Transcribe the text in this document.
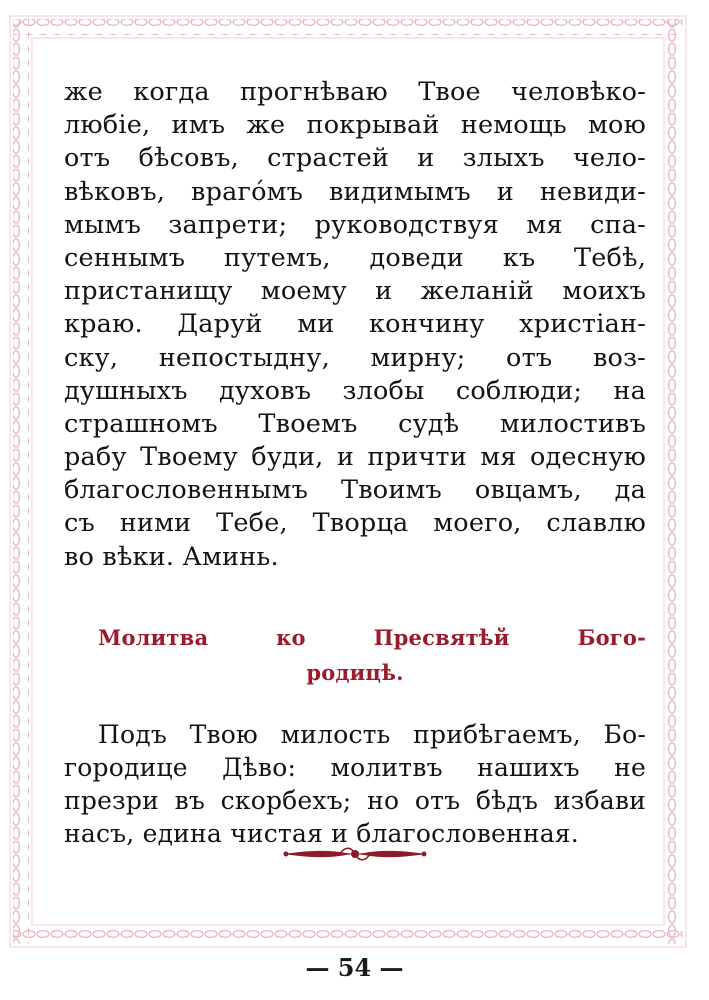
же когда прогнѣваю Твое человѣко-
любіе, имъ же покрывай немощь мою
отъ бѣсовъ, страстей и злыхъ чело-
вѣковъ, врагóмъ видимымъ и невиди-
мымъ запрети; руководствуя мя спа-
сеннымъ путемъ, доведи къ Тебѣ,
пристанищу моему и желаній моихъ
краю. Даруй ми кончину христіан-
ску, непостыдну, мирну; отъ воз-
душныхъ духовъ злобы соблюди; на
страшномъ Твоемъ судѣ милостивъ
рабу Твоему буди, и причти мя одесную
благословеннымъ Твоимъ овцамъ, да
съ ними Тебе, Творца моего, славлю
во вѣки. Аминь.
Молитва ко Пресвятѣй Бого-
родицѣ.
Подъ Твою милость прибѣгаемъ, Бо-
городице Дѣво: молитвъ нашихъ не
презри въ скорбехъ; но отъ бѣдъ избави
насъ, едина чистая и благословенная.
— 54 —
